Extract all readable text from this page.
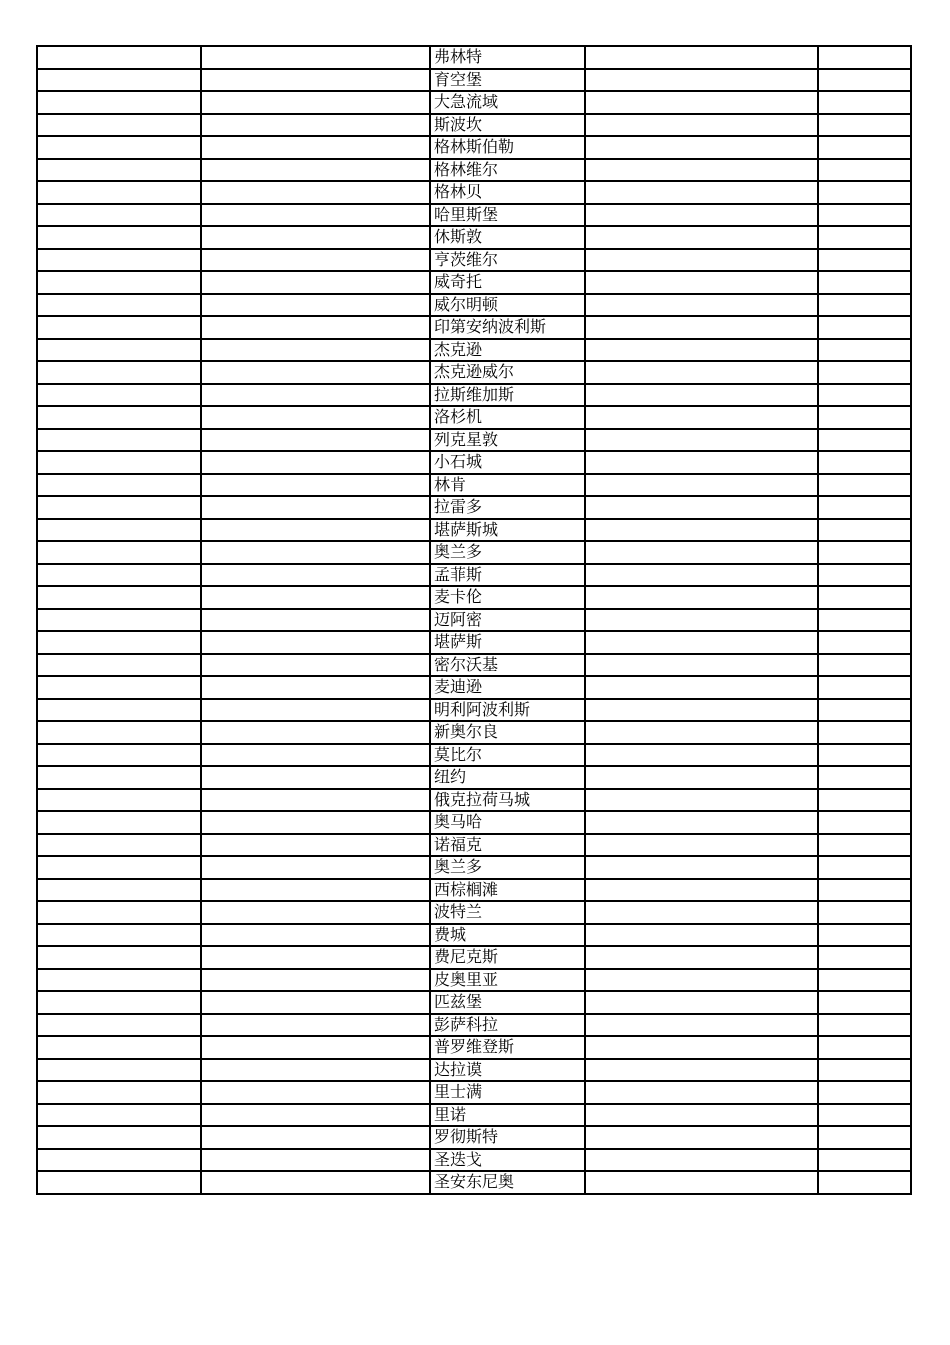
		弗林特		
		育空堡		
		大急流域		
		斯波坎		
		格林斯伯勒		
		格林维尔		
		格林贝		
		哈里斯堡		
		休斯敦		
		亨茨维尔		
		威奇托		
		威尔明顿		
		印第安纳波利斯		
		杰克逊		
		杰克逊威尔		
		拉斯维加斯		
		洛杉机		
		列克星敦		
		小石城		
		林肯		
		拉雷多		
		堪萨斯城		
		奥兰多		
		孟菲斯		
		麦卡伦		
		迈阿密		
		堪萨斯		
		密尔沃基		
		麦迪逊		
		明利阿波利斯		
		新奥尔良		
		莫比尔		
		纽约		
		俄克拉荷马城		
		奥马哈		
		诺福克		
		奥兰多		
		西棕榈滩		
		波特兰		
		费城		
		费尼克斯		
		皮奥里亚		
		匹兹堡		
		彭萨科拉		
		普罗维登斯		
		达拉谟		
		里士满		
		里诺		
		罗彻斯特		
		圣迭戈		
		圣安东尼奥		
